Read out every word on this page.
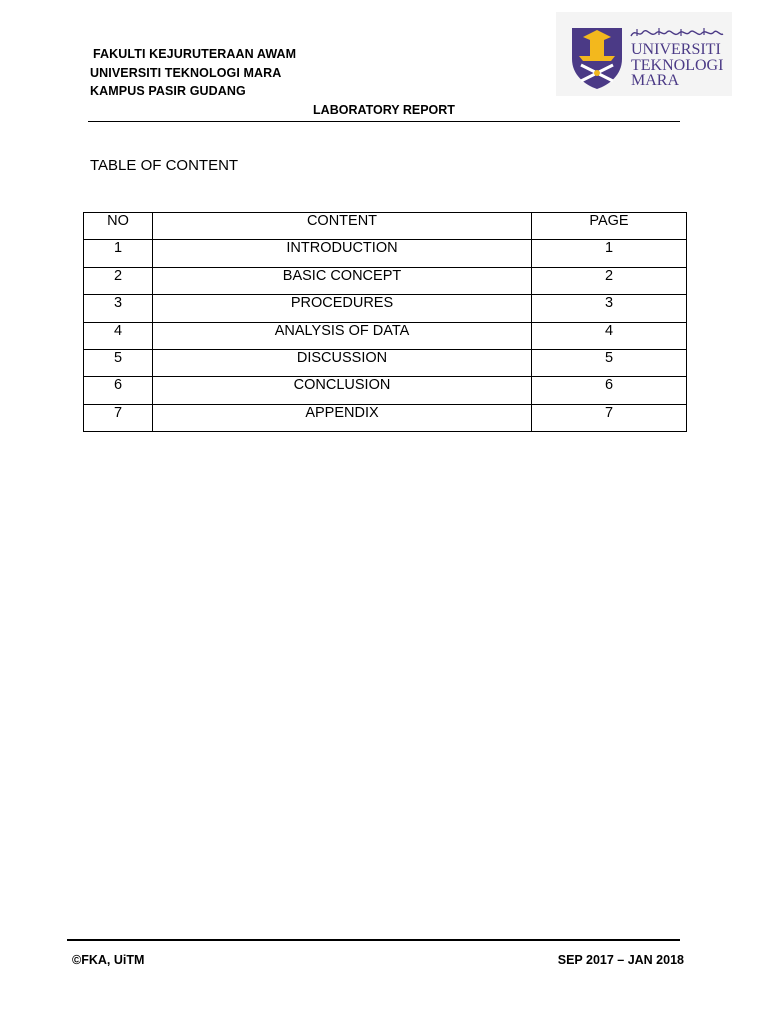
FAKULTI KEJURUTERAAN AWAM
UNIVERSITI TEKNOLOGI MARA
KAMPUS PASIR GUDANG
UNIVERSITI
TEKNOLOGI
MARA
LABORATORY REPORT
TABLE OF CONTENT
NO	CONTENT	PAGE
1	INTRODUCTION	1
2	BASIC CONCEPT	2
3	PROCEDURES	3
4	ANALYSIS OF DATA	4
5	DISCUSSION	5
6	CONCLUSION	6
7	APPENDIX	7
©FKA, UiTM	SEP 2017 – JAN 2018
